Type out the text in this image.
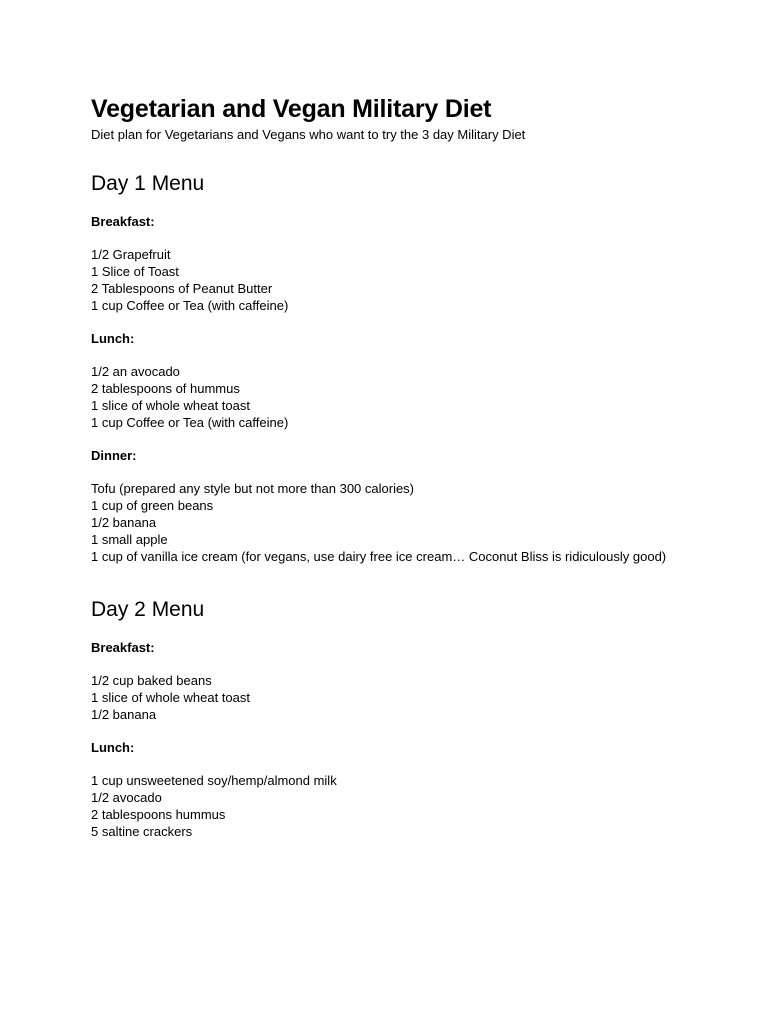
Vegetarian and Vegan Military Diet

Diet plan for Vegetarians and Vegans who want to try the 3 day Military Diet

Day 1 Menu
Breakfast:
1/2 Grapefruit
1 Slice of Toast
2 Tablespoons of Peanut Butter
1 cup Coffee or Tea (with caffeine)
Lunch:
1/2 an avocado
2 tablespoons of hummus
1 slice of whole wheat toast
1 cup Coffee or Tea (with caffeine)
Dinner:
Tofu (prepared any style but not more than 300 calories)
1 cup of green beans
1/2 banana
1 small apple
1 cup of vanilla ice cream (for vegans, use dairy free ice cream… Coconut Bliss is ridiculously good)
Day 2 Menu
Breakfast:
1/2 cup baked beans
1 slice of whole wheat toast
1/2 banana
Lunch:
1 cup unsweetened soy/hemp/almond milk
1/2 avocado
2 tablespoons hummus
5 saltine crackers
